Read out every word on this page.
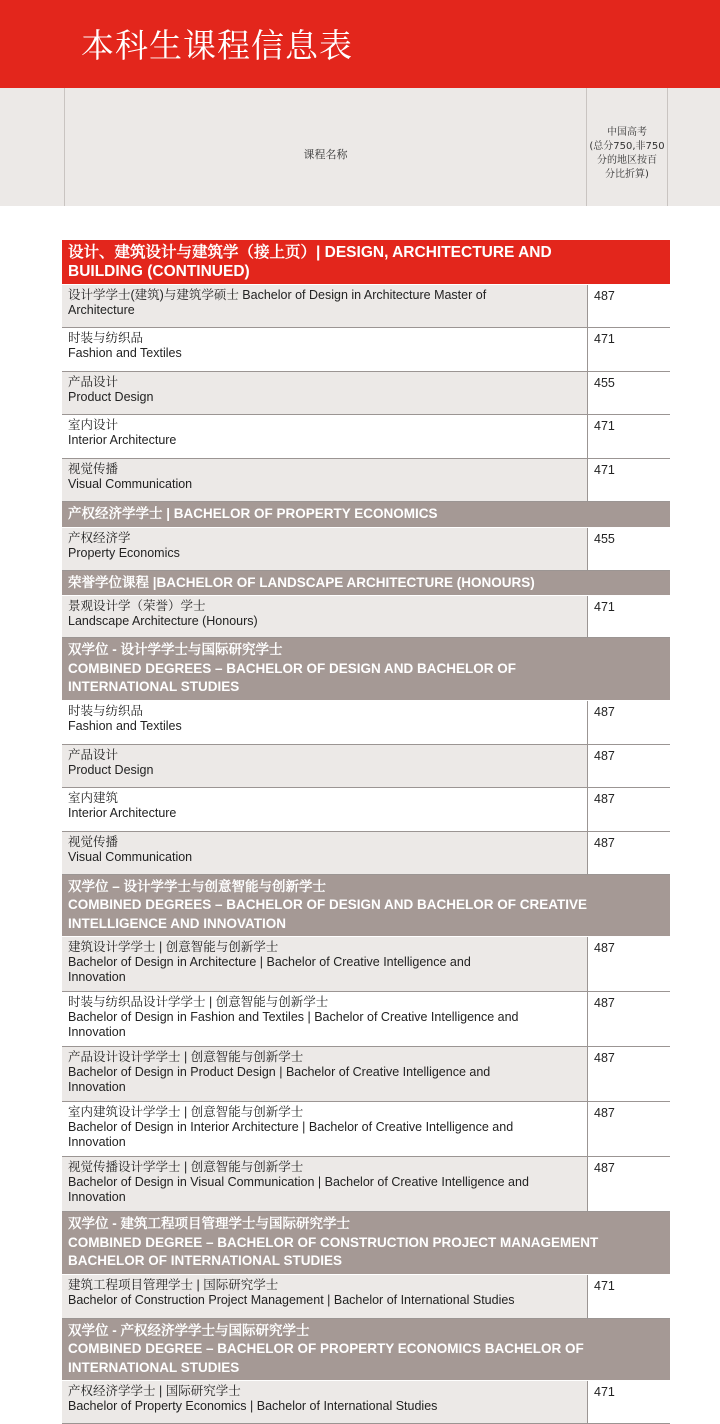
本科生课程信息表
课程名称
中国高考
(总分750,非750
分的地区按百
分比折算)
设计、建筑设计与建筑学（接上页）| DESIGN, ARCHITECTURE AND
BUILDING (CONTINUED)
设计学学士(建筑)与建筑学硕士 Bachelor of Design in Architecture Master of
Architecture
487
时装与纺织品
Fashion and Textiles
471
产品设计
Product Design
455
室内设计
Interior Architecture
471
视觉传播
Visual Communication
471
产权经济学学士 | BACHELOR OF PROPERTY ECONOMICS
产权经济学
Property Economics
455
荣誉学位课程 |BACHELOR OF LANDSCAPE ARCHITECTURE (HONOURS)
景观设计学（荣誉）学士
Landscape Architecture (Honours)
471
双学位 - 设计学学士与国际研究学士
COMBINED DEGREES – BACHELOR OF DESIGN AND BACHELOR OF
INTERNATIONAL STUDIES
时装与纺织品
Fashion and Textiles
487
产品设计
Product Design
487
室内建筑
Interior Architecture
487
视觉传播
Visual Communication
487
双学位 – 设计学学士与创意智能与创新学士
COMBINED DEGREES – BACHELOR OF DESIGN AND BACHELOR OF CREATIVE
INTELLIGENCE AND INNOVATION
建筑设计学学士 | 创意智能与创新学士
Bachelor of Design in Architecture | Bachelor of Creative Intelligence and
Innovation
487
时装与纺织品设计学学士 | 创意智能与创新学士
Bachelor of Design in Fashion and Textiles | Bachelor of Creative Intelligence and
Innovation
487
产品设计设计学学士 | 创意智能与创新学士
Bachelor of Design in Product Design | Bachelor of Creative Intelligence and
Innovation
487
室内建筑设计学学士 | 创意智能与创新学士
Bachelor of Design in Interior Architecture | Bachelor of Creative Intelligence and
Innovation
487
视觉传播设计学学士 | 创意智能与创新学士
Bachelor of Design in Visual Communication | Bachelor of Creative Intelligence and
Innovation
487
双学位 - 建筑工程项目管理学士与国际研究学士
COMBINED DEGREE – BACHELOR OF CONSTRUCTION PROJECT MANAGEMENT
BACHELOR OF INTERNATIONAL STUDIES
建筑工程项目管理学士 | 国际研究学士
Bachelor of Construction Project Management | Bachelor of International Studies
471
双学位 - 产权经济学学士与国际研究学士
COMBINED DEGREE – BACHELOR OF PROPERTY ECONOMICS BACHELOR OF
INTERNATIONAL STUDIES
产权经济学学士 | 国际研究学士
Bachelor of Property Economics | Bachelor of International Studies
471
